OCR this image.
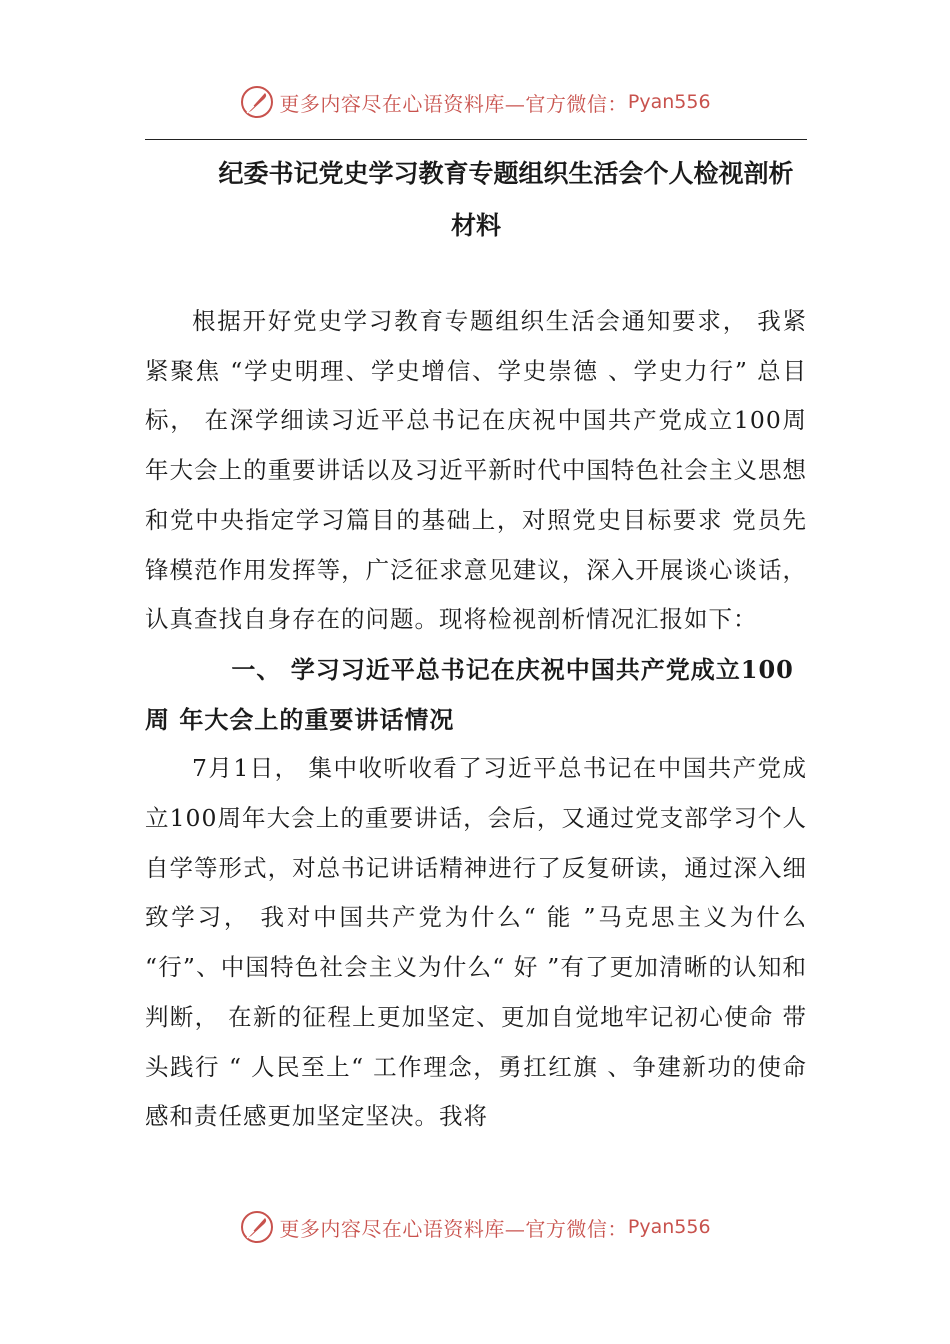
更多内容尽在心语资料库—官方微信： Pyan556
纪委书记党史学习教育专题组织生活会个人检视剖析
材料

根据开好党史学习教育专题组织生活会通知要求， 我紧紧聚焦 “学史明理、学史增信、学史崇德 、学史力行” 总目标， 在深学细读习近平总书记在庆祝中国共产党成立100周年大会上的重要讲话以及习近平新时代中国特色社会主义思想和党中央指定学习篇目的基础上，对照党史目标要求 党员先锋模范作用发挥等，广泛征求意见建议，深入开展谈心谈话，认真查找自身存在的问题。现将检视剖析情况汇报如下：

一、 学习习近平总书记在庆祝中国共产党成立100周 年大会上的重要讲话情况

7月1日， 集中收听收看了习近平总书记在中国共产党成立100周年大会上的重要讲话，会后，又通过党支部学习个人自学等形式，对总书记讲话精神进行了反复研读，通过深入细致学习， 我对中国共产党为什么“ 能 ”马克思主义为什么 “行”、中国特色社会主义为什么“ 好 ”有了更加清晰的认知和判断， 在新的征程上更加坚定、更加自觉地牢记初心使命 带头践行 “ 人民至上“ 工作理念，勇扛红旗 、争建新功的使命感和责任感更加坚定坚决。我将

更多内容尽在心语资料库—官方微信： Pyan556
